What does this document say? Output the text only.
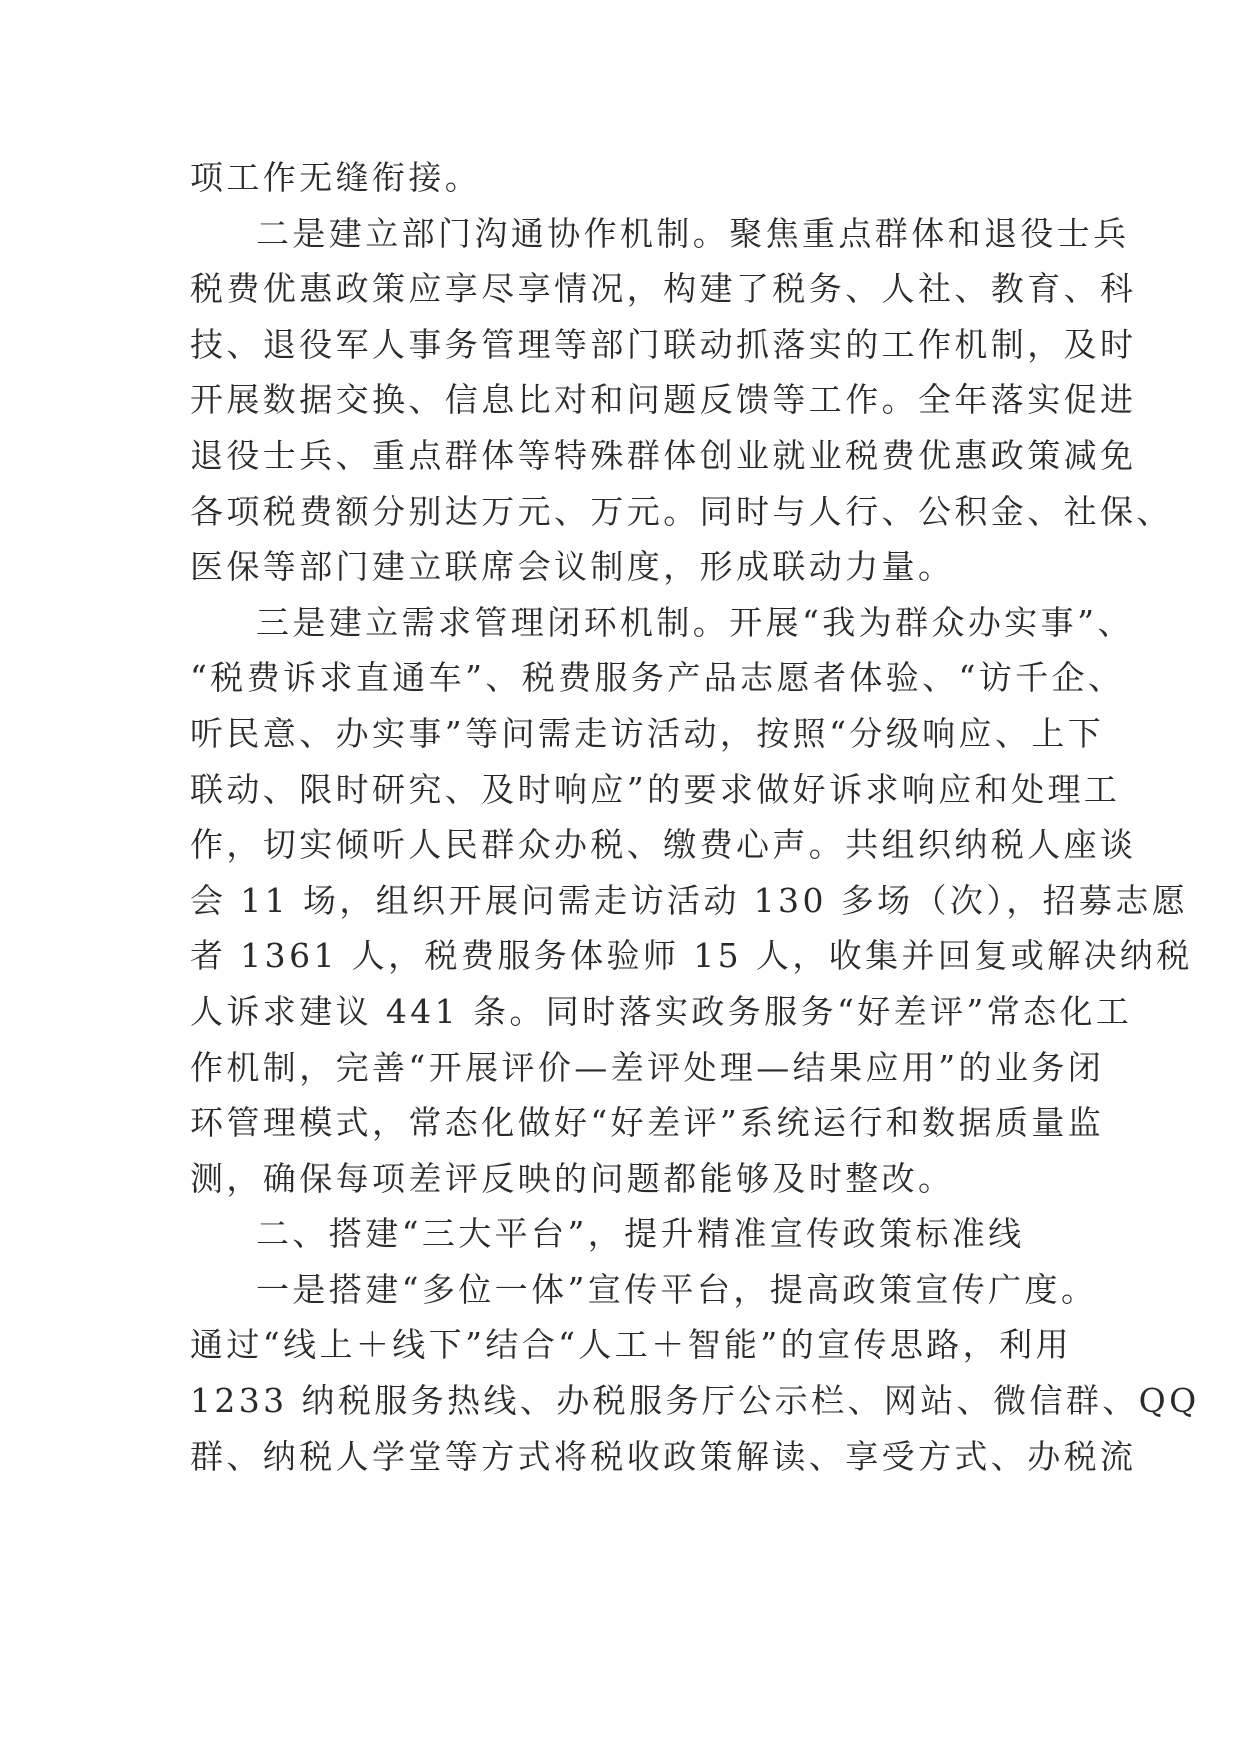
项工作无缝衔接。
二是建立部门沟通协作机制。聚焦重点群体和退役士兵
税费优惠政策应享尽享情况，构建了税务、人社、教育、科
技、退役军人事务管理等部门联动抓落实的工作机制，及时
开展数据交换、信息比对和问题反馈等工作。全年落实促进
退役士兵、重点群体等特殊群体创业就业税费优惠政策减免
各项税费额分别达万元、万元。同时与人行、公积金、社保、
医保等部门建立联席会议制度，形成联动力量。
三是建立需求管理闭环机制。开展“我为群众办实事”、
“税费诉求直通车”、税费服务产品志愿者体验、“访千企、
听民意、办实事”等问需走访活动，按照“分级响应、上下
联动、限时研究、及时响应”的要求做好诉求响应和处理工
作，切实倾听人民群众办税、缴费心声。共组织纳税人座谈
会 11 场，组织开展问需走访活动 130 多场（次），招募志愿
者 1361 人，税费服务体验师 15 人，收集并回复或解决纳税
人诉求建议 441 条。同时落实政务服务“好差评”常态化工
作机制，完善“开展评价—差评处理—结果应用”的业务闭
环管理模式，常态化做好“好差评”系统运行和数据质量监
测，确保每项差评反映的问题都能够及时整改。
二、搭建“三大平台”，提升精准宣传政策标准线
一是搭建“多位一体”宣传平台，提高政策宣传广度。
通过“线上＋线下”结合“人工＋智能”的宣传思路，利用
1233 纳税服务热线、办税服务厅公示栏、网站、微信群、QQ
群、纳税人学堂等方式将税收政策解读、享受方式、办税流
